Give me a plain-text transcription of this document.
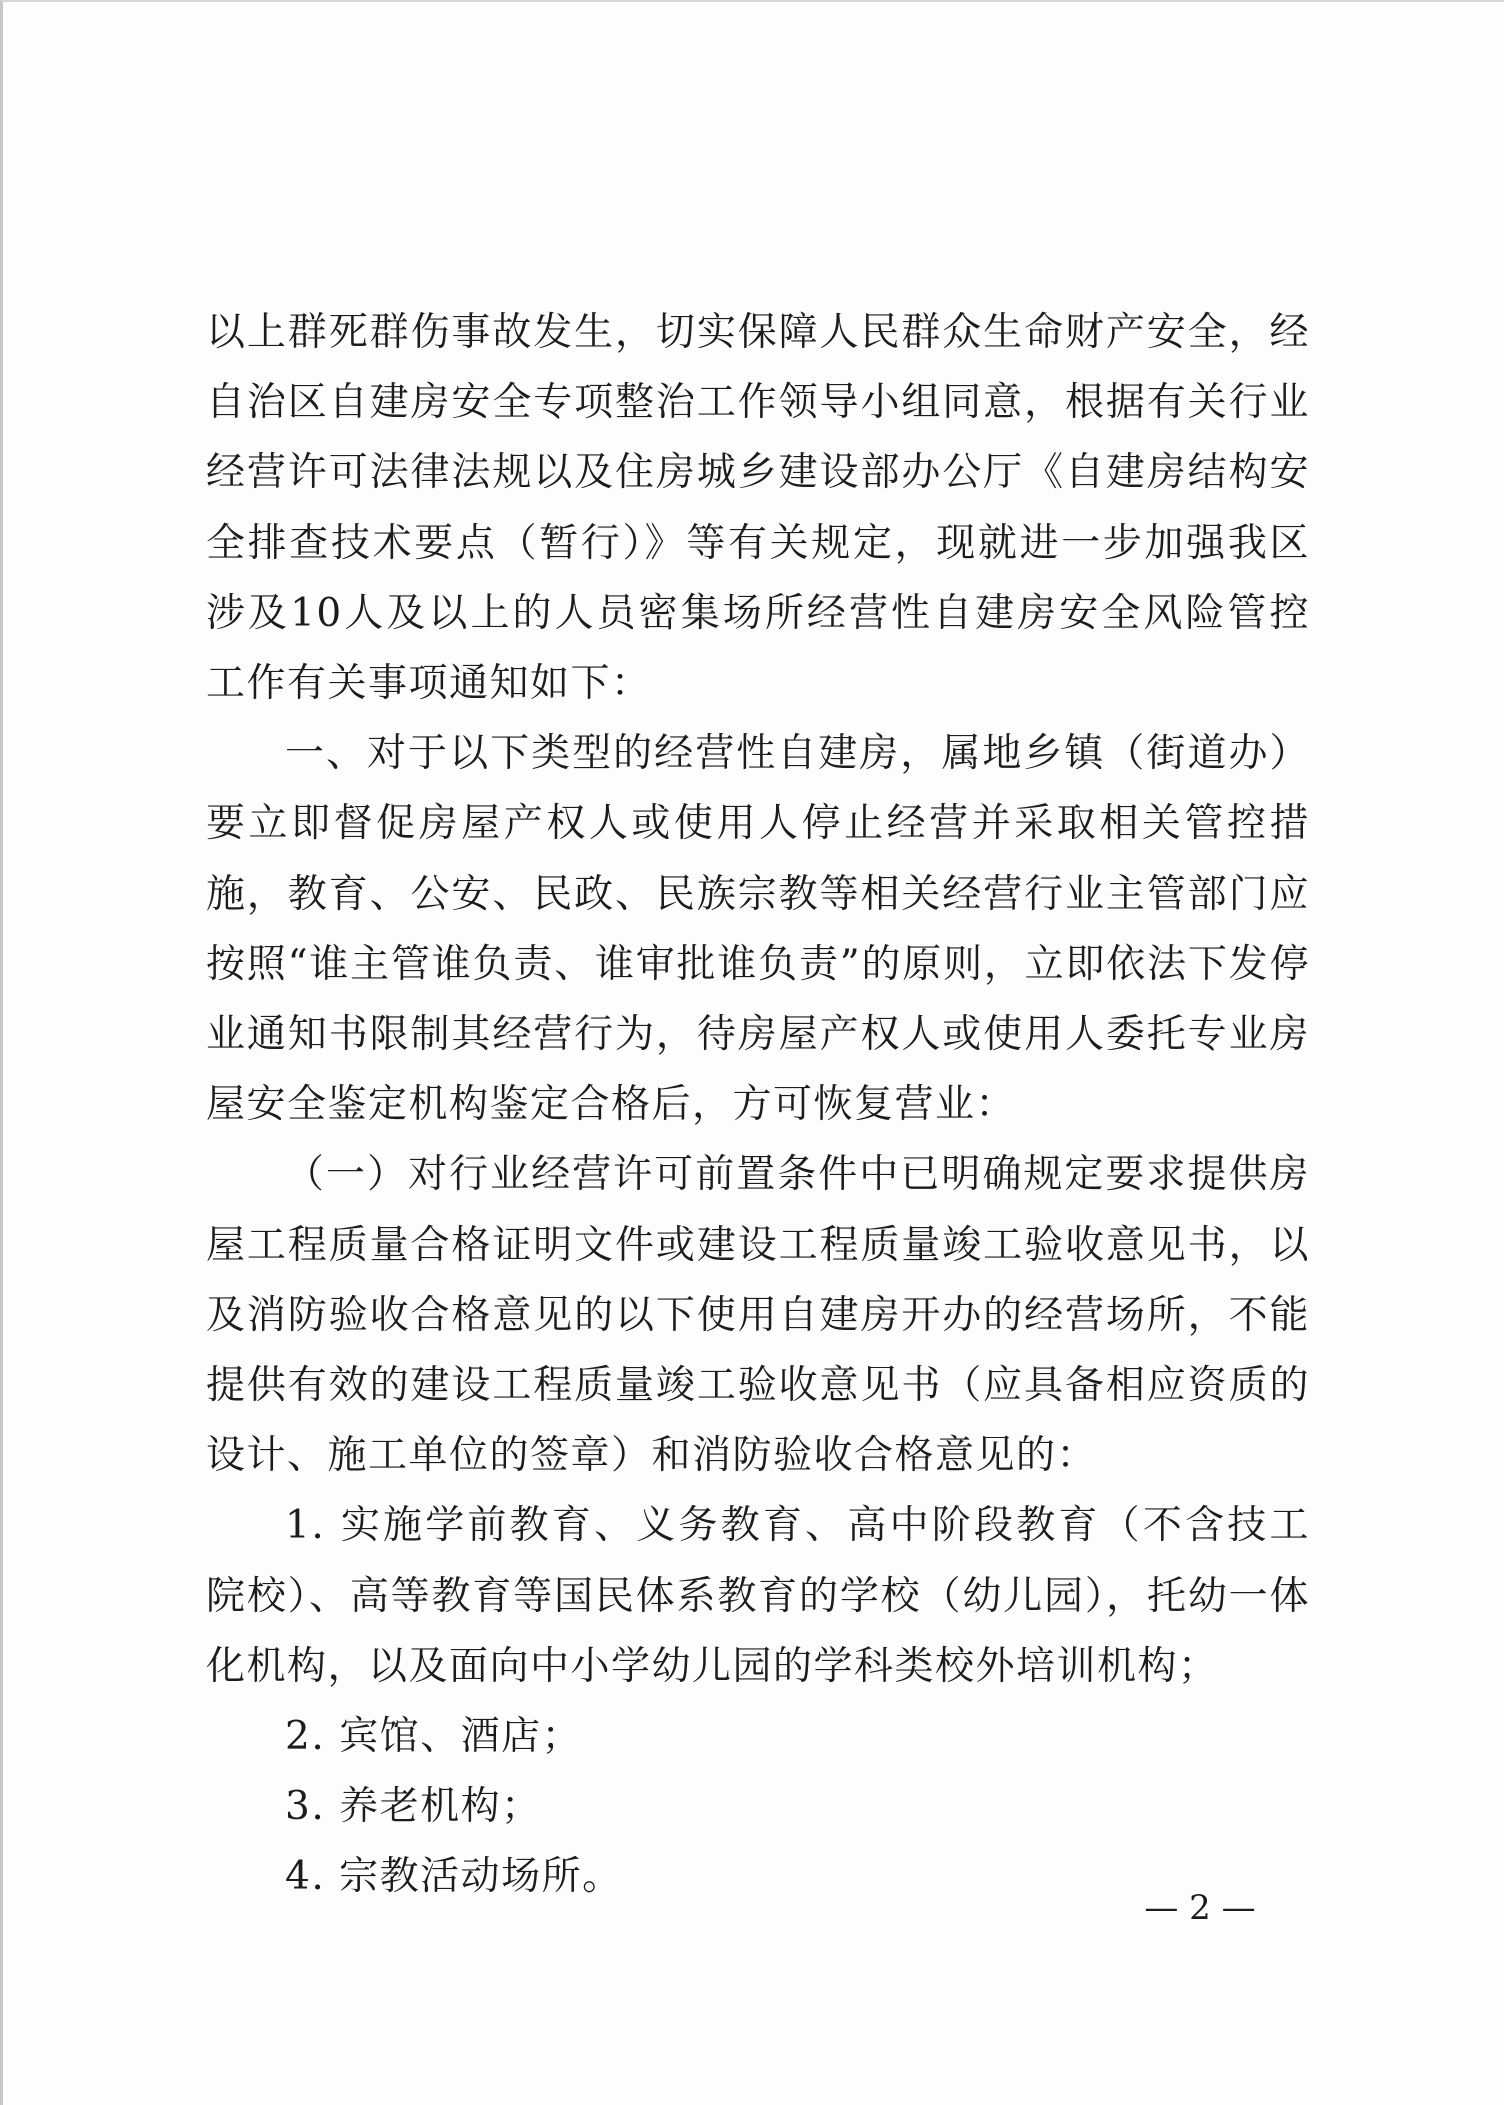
以上群死群伤事故发生，切实保障人民群众生命财产安全，经自治区自建房安全专项整治工作领导小组同意，根据有关行业经营许可法律法规以及住房城乡建设部办公厅《自建房结构安全排查技术要点（暂行）》等有关规定，现就进一步加强我区涉及10人及以上的人员密集场所经营性自建房安全风险管控工作有关事项通知如下：

一、对于以下类型的经营性自建房，属地乡镇（街道办）要立即督促房屋产权人或使用人停止经营并采取相关管控措施，教育、公安、民政、民族宗教等相关经营行业主管部门应按照“谁主管谁负责、谁审批谁负责”的原则，立即依法下发停业通知书限制其经营行为，待房屋产权人或使用人委托专业房屋安全鉴定机构鉴定合格后，方可恢复营业：

（一）对行业经营许可前置条件中已明确规定要求提供房屋工程质量合格证明文件或建设工程质量竣工验收意见书，以及消防验收合格意见的以下使用自建房开办的经营场所，不能提供有效的建设工程质量竣工验收意见书（应具备相应资质的设计、施工单位的签章）和消防验收合格意见的：

1. 实施学前教育、义务教育、高中阶段教育（不含技工院校）、高等教育等国民体系教育的学校（幼儿园），托幼一体化机构，以及面向中小学幼儿园的学科类校外培训机构；

2. 宾馆、酒店；

3. 养老机构；

4. 宗教活动场所。

— 2 —
